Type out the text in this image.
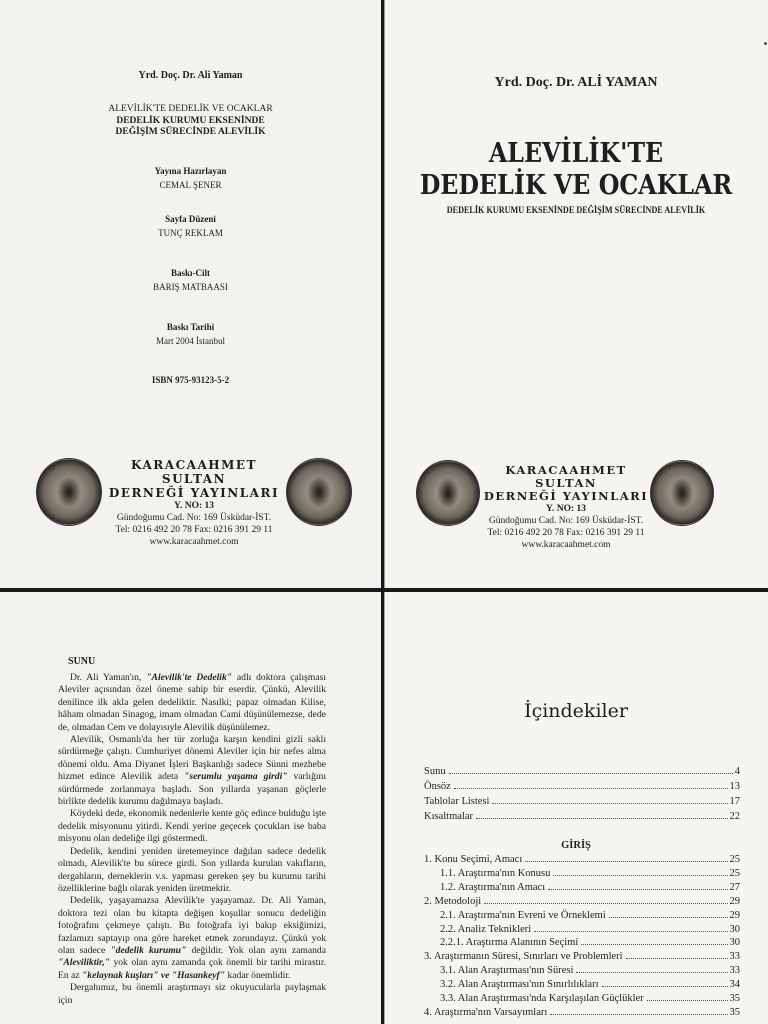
Yrd. Doç. Dr. Ali Yaman
ALEVİLİK'TE DEDELİK VE OCAKLAR
DEDELİK KURUMU EKSENİNDE
DEĞİŞİM SÜRECİNDE ALEVİLİK
Yayına Hazırlayan
CEMAL ŞENER
Sayfa Düzeni
TUNÇ REKLAM
Baskı-Cilt
BARIŞ MATBAASI
Baskı Tarihi
Mart 2004 İstanbul
ISBN 975-93123-5-2
KARACAAHMET SULTAN
DERNEĞİ YAYINLARI
Y. NO: 13
Gündoğumu Cad. No: 169 Üsküdar-İST.
Tel: 0216 492 20 78 Fax: 0216 391 29 11
www.karacaahmet.com
Yrd. Doç. Dr. ALİ YAMAN
ALEVİLİK'TE
DEDELİK VE OCAKLAR
DEDELİK KURUMU EKSENİNDE DEĞİŞİM SÜRECİNDE ALEVİLİK
KARACAAHMET SULTAN
DERNEĞİ YAYINLARI
Y. NO: 13
Gündoğumu Cad. No: 169 Üsküdar-İST.
Tel: 0216 492 20 78 Fax: 0216 391 29 11
www.karacaahmet.com
SUNU

Dr. Ali Yaman'ın, "Alevilik'te Dedelik" adlı doktora çalışması Aleviler açısından özel öneme sahip bir eserdir. Çünkü, Alevilik denilince ilk akla gelen dedeliktir. Nasılki; papaz olmadan Kilise, hâham olmadan Sinagog, imam olmadan Cami düşünülemezse, dede de, olmadan Cem ve dolayısıyle Alevilik düşünülemez.

Alevilik, Osmanlı'da her tür zorluğa karşın kendini gizli saklı sürdürmeğe çalıştı. Cumhuriyet dönemi Aleviler için bir nefes alma dönemi oldu. Ama Diyanet İşleri Başkanlığı sadece Sünni mezhebe hizmet edince Alevilik adeta "serumlu yaşama girdi" varlığını sürdürmede zorlanmaya başladı. Son yıllarda yaşanan göçlerle birlikte dedelik kurumu dağılmaya başladı.

Köydeki dede, ekonomik nedenlerle kente göç edince bulduğu işte dedelik misyonunu yitirdi. Kendi yerine geçecek çocukları ise baba misyonu olan dedeliğe ilgi göstermedi.

Dedelik, kendini yeniden üretemeyince dağılan sadece dedelik olmadı, Alevilik'te bu sürece girdi. Son yıllarda kurulan vakıfların, dergahların, derneklerin v.s. yapması gereken şey bu kurumu tarihi özelliklerine bağlı olarak yeniden üretmektir.

Dedelik, yaşayamazsa Alevilik'te yaşayamaz. Dr. Ali Yaman, doktora tezi olan bu kitapta değişen koşullar sonucu dedeliğin fotoğrafını çekmeye çalıştı. Bu fotoğrafa iyi bakıp eksiğimizi, fazlamızı saptayıp ona göre hareket etmek zorundayız. Çünkü yok olan sadece "dedelik kurumu" değildir. Yok olan aynı zamanda "Aleviliktir," yok olan aynı zamanda çok önemli bir tarihi mirastır. En az "kelaynak kuşları" ve "Hasankeyf" kadar önemlidir.

Dergahımız, bu önemli araştırmayı siz okuyucularla paylaşmak için

İçindekiler
Sunu	4
Önsöz	13
Tablolar Listesi	17
Kısaltmalar	22
GİRİŞ
1. Konu Seçimi, Amacı	25
1.1. Araştırma'nın Konusu	25
1.2. Araştırma'nın Amacı	27
2. Metodoloji	29
2.1. Araştırma'nın Evreni ve Örneklemi	29
2.2. Analiz Teknikleri	30
2.2.1. Araştırma Alanının Seçimi	30
3. Araştırmanın Süresi, Sınırları ve Problemleri	33
3.1. Alan Araştırması'nın Süresi	33
3.2. Alan Araştırması'nın Sınırlılıkları	34
3.3. Alan Araştırması'nda Karşılaşılan Güçlükler	35
4. Araştırma'nın Varsayımları	35
